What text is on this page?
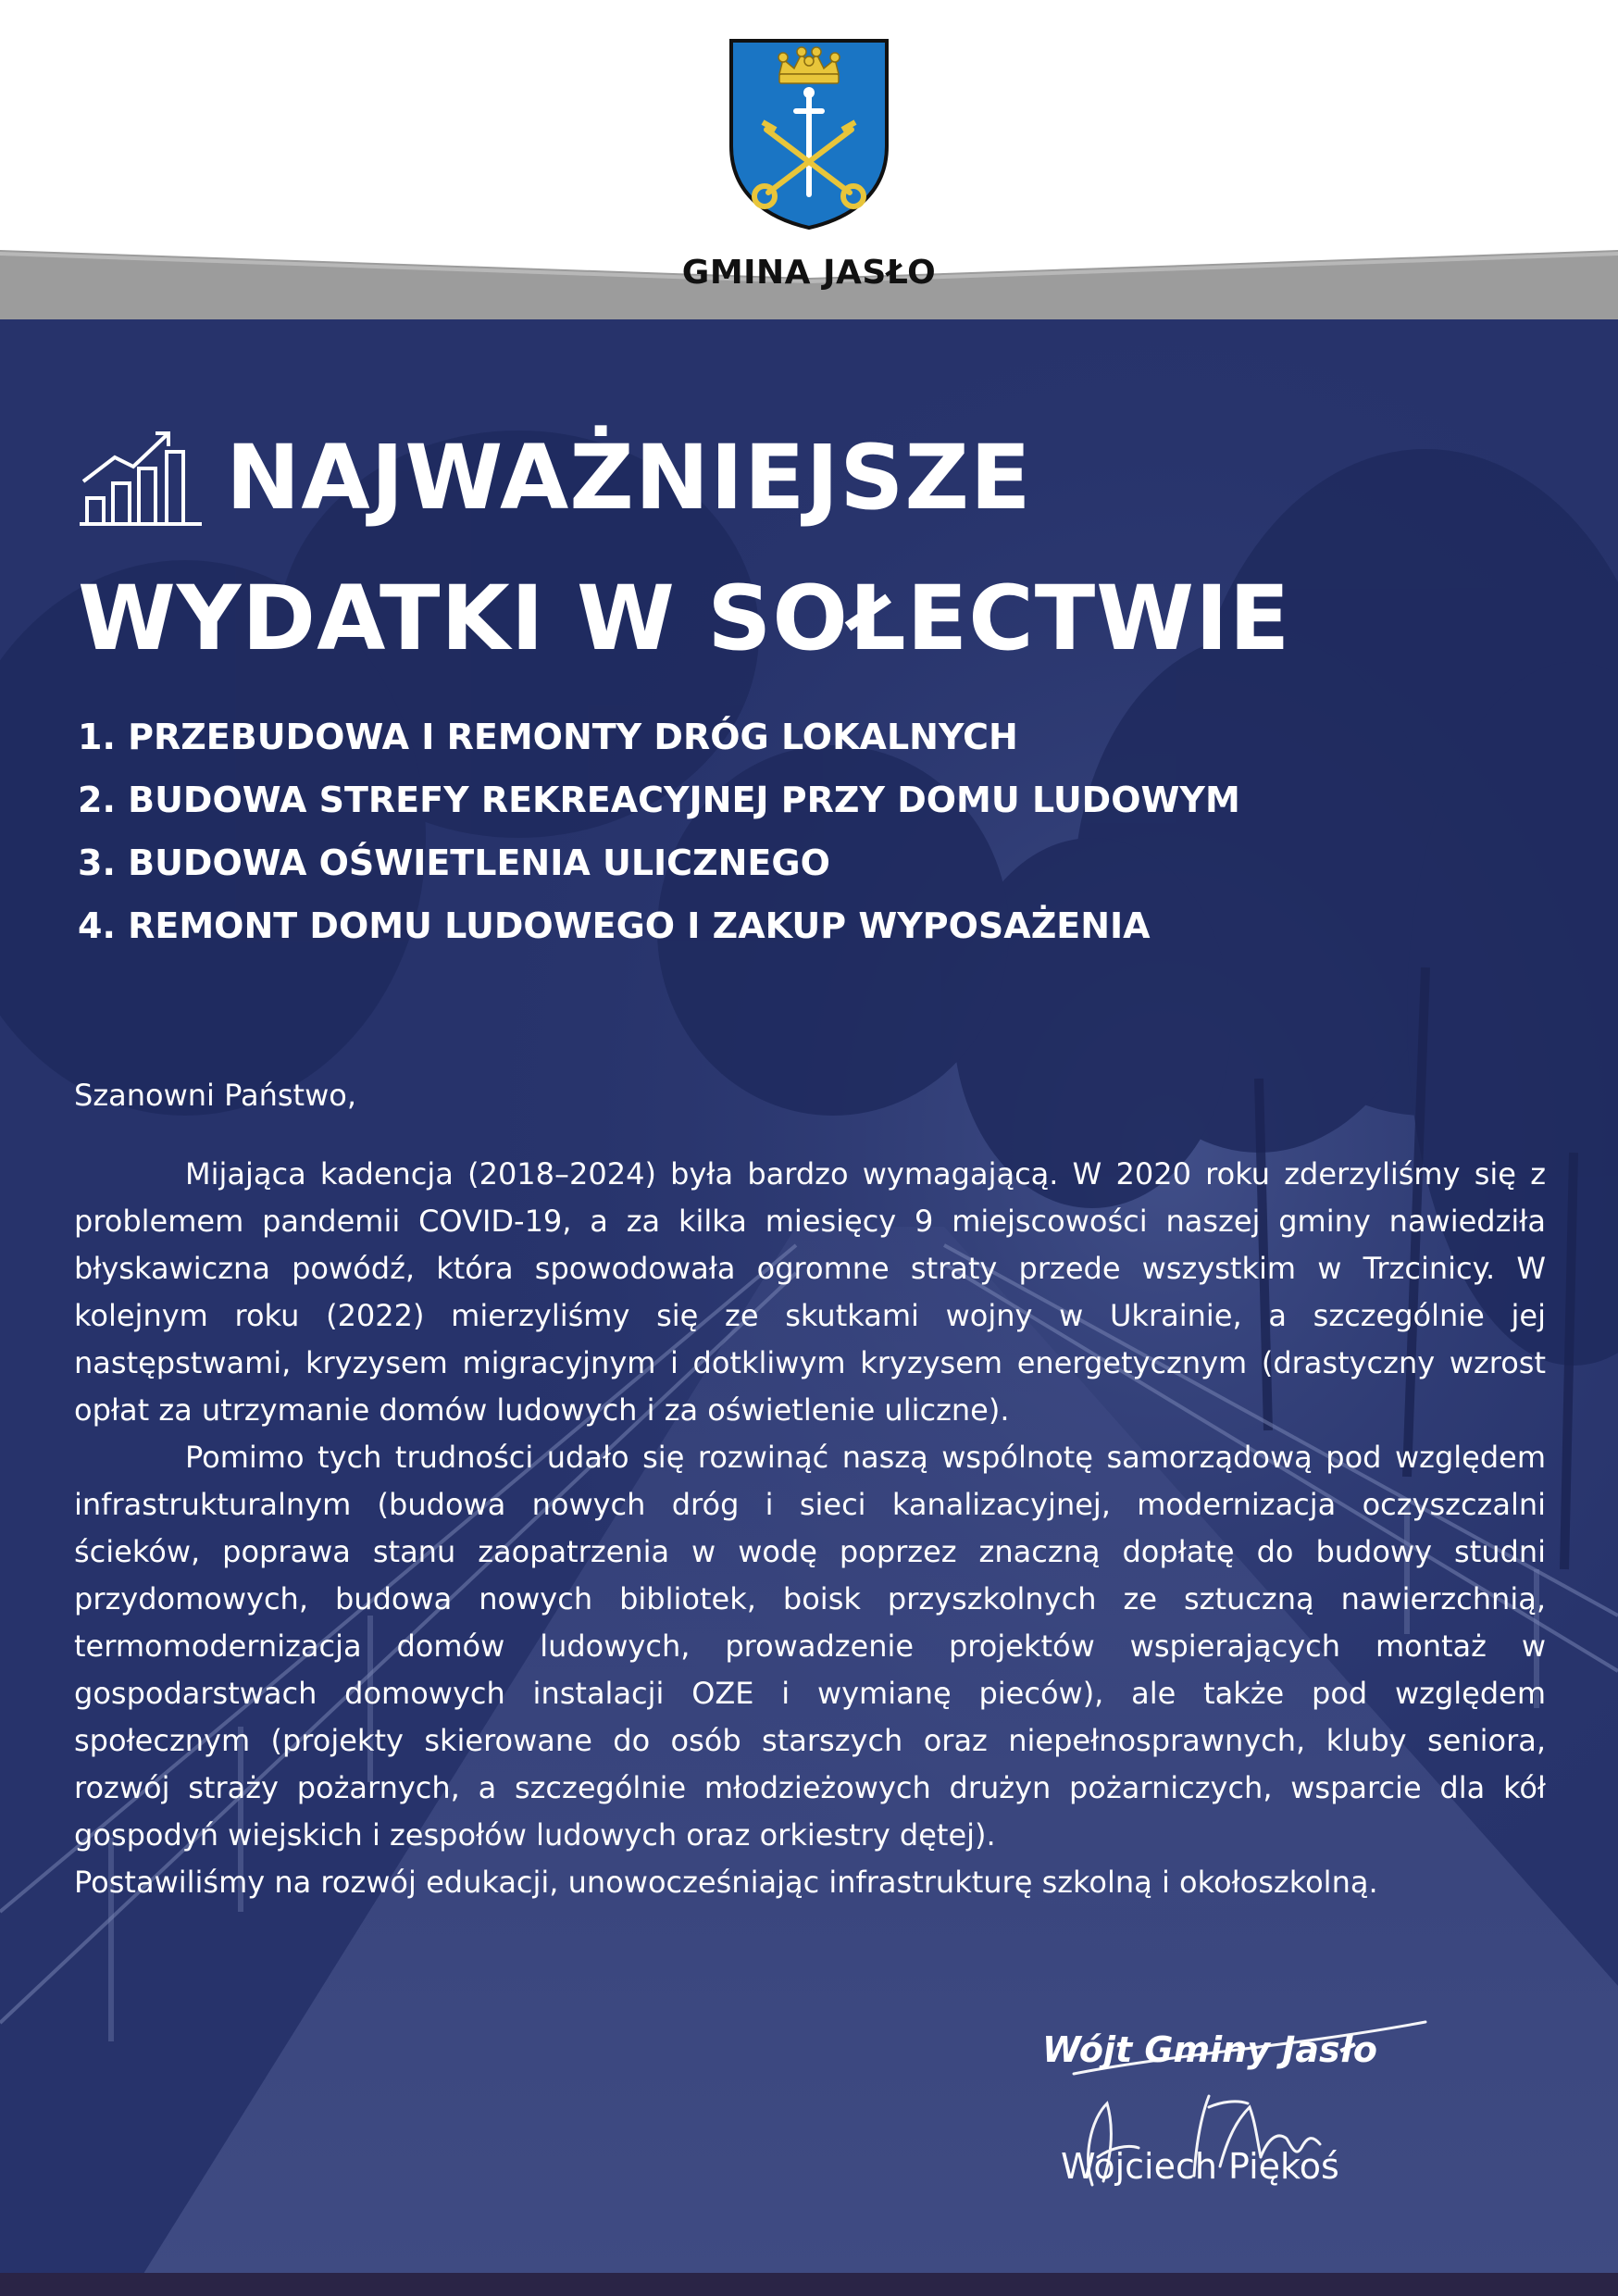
GMINA JASŁO
NAJWAŻNIEJSZE
WYDATKI W SOŁECTWIE
1. PRZEBUDOWA I REMONTY DRÓG LOKALNYCH
2. BUDOWA STREFY REKREACYJNEJ PRZY DOMU LUDOWYM
3. BUDOWA OŚWIETLENIA ULICZNEGO
4. REMONT DOMU LUDOWEGO I ZAKUP WYPOSAŻENIA

Szanowni Państwo,

Mijająca kadencja (2018–2024) była bardzo wymagającą. W 2020 roku zderzyliśmy się z problemem pandemii COVID-19, a za kilka miesięcy 9 miejscowości naszej gminy nawiedziła błyskawiczna powódź, która spowodowała ogromne straty przede wszystkim w Trzcinicy. W kolejnym roku (2022) mierzyliśmy się ze skutkami wojny w Ukrainie, a szczególnie jej następstwami, kryzysem migracyjnym i dotkliwym kryzysem energetycznym (drastyczny wzrost opłat za utrzymanie domów ludowych i za oświetlenie uliczne).

Pomimo tych trudności udało się rozwinąć naszą wspólnotę samorządową pod względem infrastrukturalnym (budowa nowych dróg i sieci kanalizacyjnej, modernizacja oczyszczalni ścieków, poprawa stanu zaopatrzenia w wodę poprzez znaczną dopłatę do budowy studni przydomowych, budowa nowych bibliotek, boisk przyszkolnych ze sztuczną nawierzchnią, termomodernizacja domów ludowych, prowadzenie projektów wspierających montaż w gospodarstwach domowych instalacji OZE i wymianę pieców), ale także pod względem społecznym (projekty skierowane do osób starszych oraz niepełnosprawnych, kluby seniora, rozwój straży pożarnych, a szczególnie młodzieżowych drużyn pożarniczych, wsparcie dla kół gospodyń wiejskich i zespołów ludowych oraz orkiestry dętej).

Postawiliśmy na rozwój edukacji, unowocześniając infrastrukturę szkolną i okołoszkolną.

Wójt Gminy Jasło
Wojciech Piękoś
